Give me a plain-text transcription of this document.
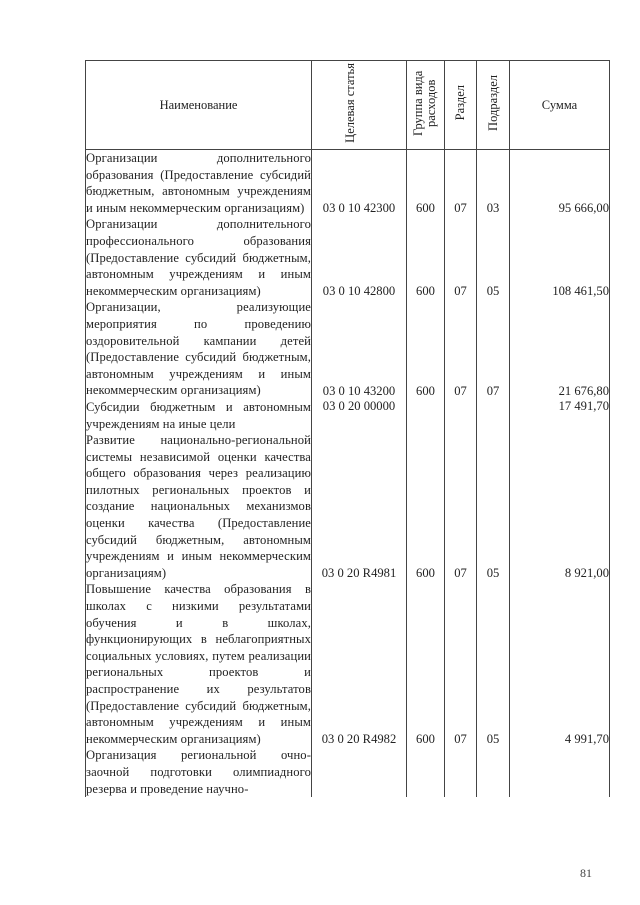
Наименование	Целевая статья	Группа вида расходов	Раздел	Подраздел	Сумма
Организации дополнительного образования (Предоставление субсидий бюджетным, автономным учреждениям и иным некоммерческим организациям)	03 0 10 42300	600	07	03	95 666,00
Организации дополнительного профессионального образования (Предоставление субсидий бюджетным, автономным учреждениям и иным некоммерческим организациям)	03 0 10 42800	600	07	05	108 461,50
Организации, реализующие мероприятия по проведению оздоровительной кампании детей (Предоставление субсидий бюджетным, автономным учреждениям и иным некоммерческим организациям)	03 0 10 43200	600	07	07	21 676,80
Субсидии бюджетным и автономным учреждениям на иные цели	03 0 20 00000				17 491,70
Развитие национально-региональной системы независимой оценки качества общего образования через реализацию пилотных региональных проектов и создание национальных механизмов оценки качества (Предоставление субсидий бюджетным, автономным учреждениям и иным некоммерческим организациям)	03 0 20 R4981	600	07	05	8 921,00
Повышение качества образования в школах с низкими результатами обучения и в школах, функционирующих в неблагоприятных социальных условиях, путем реализации региональных проектов и распространение их результатов (Предоставление субсидий бюджетным, автономным учреждениям и иным некоммерческим организациям)	03 0 20 R4982	600	07	05	4 991,70
Организация региональной очно-заочной подготовки олимпиадного резерва и проведение научно-					
81
